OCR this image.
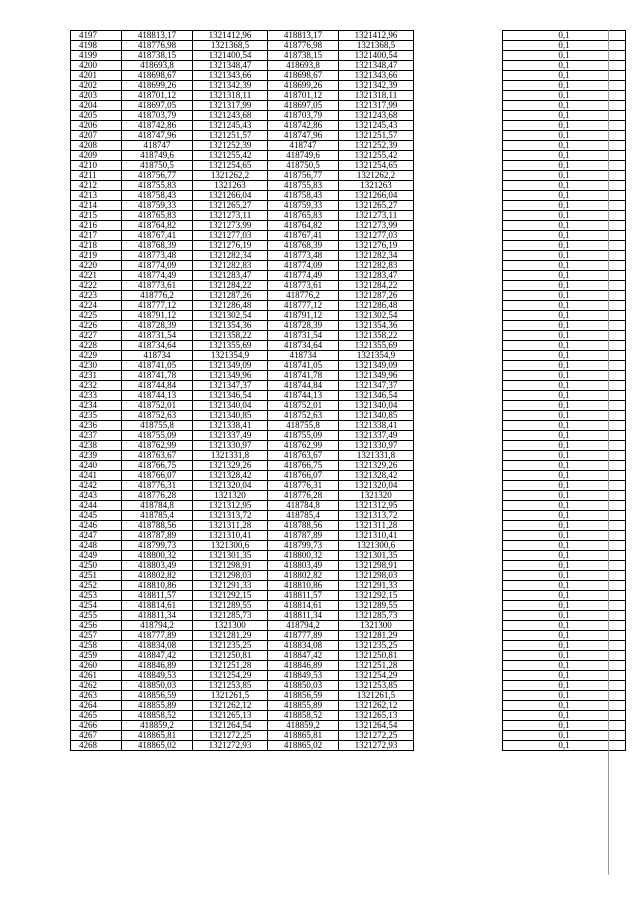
4197	418813,17	1321412,96	418813,17	1321412,96		0,1
4198	418776,98	1321368,5	418776,98	1321368,5		0,1
4199	418738,15	1321400,54	418738,15	1321400,54		0,1
4200	418693,8	1321348,47	418693,8	1321348,47		0,1
4201	418698,67	1321343,66	418698,67	1321343,66		0,1
4202	418699,26	1321342,39	418699,26	1321342,39		0,1
4203	418701,12	1321318,11	418701,12	1321318,11		0,1
4204	418697,05	1321317,99	418697,05	1321317,99		0,1
4205	418703,79	1321243,68	418703,79	1321243,68		0,1
4206	418742,86	1321245,43	418742,86	1321245,43		0,1
4207	418747,96	1321251,57	418747,96	1321251,57		0,1
4208	418747	1321252,39	418747	1321252,39		0,1
4209	418749,6	1321255,42	418749,6	1321255,42		0,1
4210	418750,5	1321254,65	418750,5	1321254,65		0,1
4211	418756,77	1321262,2	418756,77	1321262,2		0,1
4212	418755,83	1321263	418755,83	1321263		0,1
4213	418758,43	1321266,04	418758,43	1321266,04		0,1
4214	418759,33	1321265,27	418759,33	1321265,27		0,1
4215	418765,83	1321273,11	418765,83	1321273,11		0,1
4216	418764,82	1321273,99	418764,82	1321273,99		0,1
4217	418767,41	1321277,03	418767,41	1321277,03		0,1
4218	418768,39	1321276,19	418768,39	1321276,19		0,1
4219	418773,48	1321282,34	418773,48	1321282,34		0,1
4220	418774,09	1321282,83	418774,09	1321282,83		0,1
4221	418774,49	1321283,47	418774,49	1321283,47		0,1
4222	418773,61	1321284,22	418773,61	1321284,22		0,1
4223	418776,2	1321287,26	418776,2	1321287,26		0,1
4224	418777,12	1321286,48	418777,12	1321286,48		0,1
4225	418791,12	1321302,54	418791,12	1321302,54		0,1
4226	418728,39	1321354,36	418728,39	1321354,36		0,1
4227	418731,54	1321358,22	418731,54	1321358,22		0,1
4228	418734,64	1321355,69	418734,64	1321355,69		0,1
4229	418734	1321354,9	418734	1321354,9		0,1
4230	418741,05	1321349,09	418741,05	1321349,09		0,1
4231	418741,78	1321349,96	418741,78	1321349,96		0,1
4232	418744,84	1321347,37	418744,84	1321347,37		0,1
4233	418744,13	1321346,54	418744,13	1321346,54		0,1
4234	418752,01	1321340,04	418752,01	1321340,04		0,1
4235	418752,63	1321340,85	418752,63	1321340,85		0,1
4236	418755,8	1321338,41	418755,8	1321338,41		0,1
4237	418755,09	1321337,49	418755,09	1321337,49		0,1
4238	418762,99	1321330,97	418762,99	1321330,97		0,1
4239	418763,67	1321331,8	418763,67	1321331,8		0,1
4240	418766,75	1321329,26	418766,75	1321329,26		0,1
4241	418766,07	1321328,42	418766,07	1321328,42		0,1
4242	418776,31	1321320,04	418776,31	1321320,04		0,1
4243	418776,28	1321320	418776,28	1321320		0,1
4244	418784,8	1321312,95	418784,8	1321312,95		0,1
4245	418785,4	1321313,72	418785,4	1321313,72		0,1
4246	418788,56	1321311,28	418788,56	1321311,28		0,1
4247	418787,89	1321310,41	418787,89	1321310,41		0,1
4248	418799,73	1321300,6	418799,73	1321300,6		0,1
4249	418800,32	1321301,35	418800,32	1321301,35		0,1
4250	418803,49	1321298,91	418803,49	1321298,91		0,1
4251	418802,82	1321298,03	418802,82	1321298,03		0,1
4252	418810,86	1321291,33	418810,86	1321291,33		0,1
4253	418811,57	1321292,15	418811,57	1321292,15		0,1
4254	418814,61	1321289,55	418814,61	1321289,55		0,1
4255	418811,34	1321285,73	418811,34	1321285,73		0,1
4256	418794,2	1321300	418794,2	1321300		0,1
4257	418777,89	1321281,29	418777,89	1321281,29		0,1
4258	418834,08	1321235,25	418834,08	1321235,25		0,1
4259	418847,42	1321250,81	418847,42	1321250,81		0,1
4260	418846,89	1321251,28	418846,89	1321251,28		0,1
4261	418849,53	1321254,29	418849,53	1321254,29		0,1
4262	418850,03	1321253,85	418850,03	1321253,85		0,1
4263	418856,59	1321261,5	418856,59	1321261,5		0,1
4264	418855,89	1321262,12	418855,89	1321262,12		0,1
4265	418858,52	1321265,13	418858,52	1321265,13		0,1
4266	418859,2	1321264,54	418859,2	1321264,54		0,1
4267	418865,81	1321272,25	418865,81	1321272,25		0,1
4268	418865,02	1321272,93	418865,02	1321272,93		0,1
